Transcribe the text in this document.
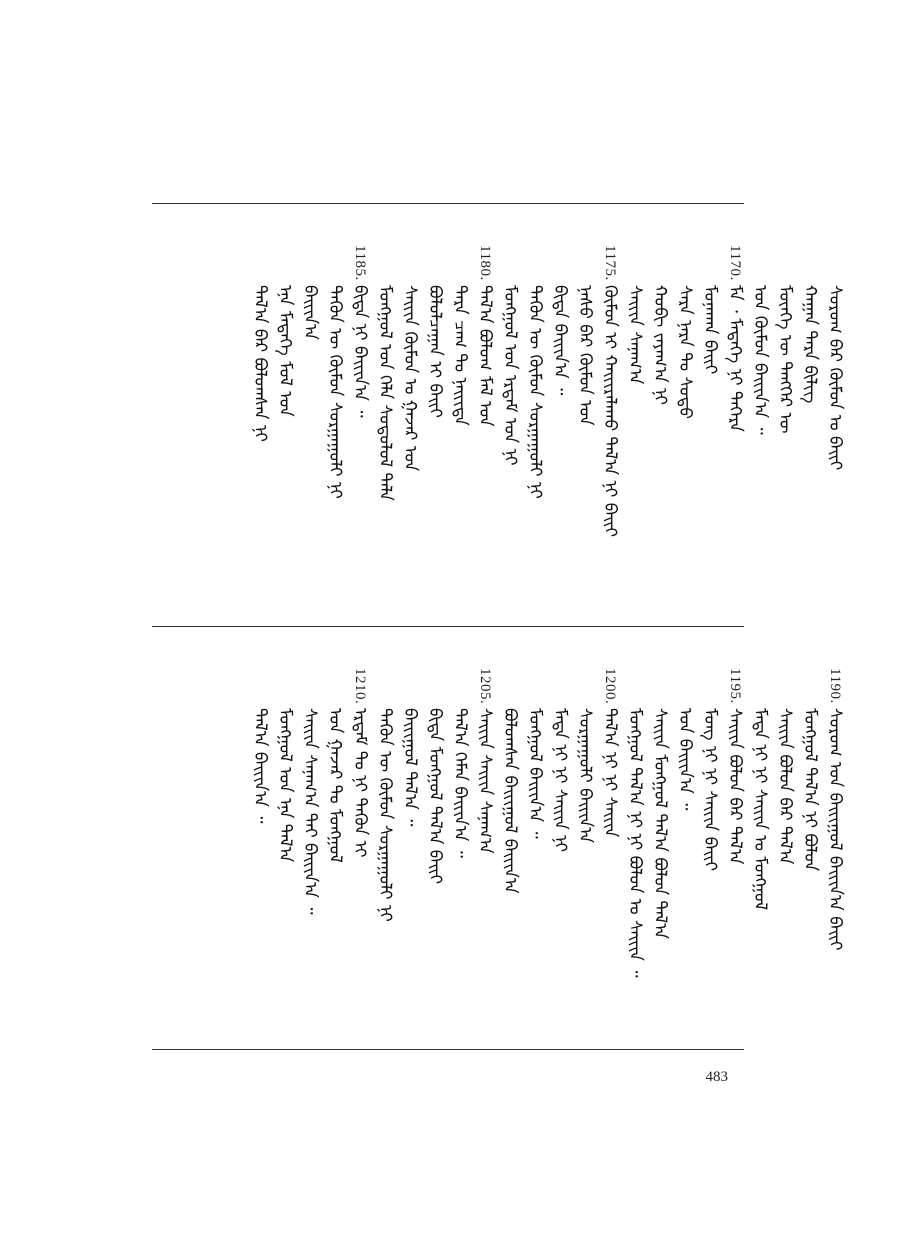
ᠲᠠᠯ᠎ᠠ ᠪᠡᠷ ᠪᠤᠯᠤᠭᠰᠠᠨ ᠨᠢ ᠡᠨᠡ ᠮᠡᠳᠡᠭᠡ ᠮᠤᠯ ᠤᠨ ᠪᠠᠢᠢᠨ᠎ᠠ ᠲᠡᠭᠦᠨ ᠦ ᠬᠦᠮᠦᠨ ᠰᠤᠷᠭᠠᠭᠤᠯᠢ ᠨᠢ
1185.
ᠪᠢᠳᠡ ᠨᠢ ᠪᠠᠢᠢᠨ᠎ᠠ ᠃ ᠮᠤᠩᠭᠤᠯ ᠤᠨ ᠬᠡᠯᠡ ᠰᠤᠳᠤᠯᠤᠯ ᠲᠠᠯᠠ ᠰᠠᠢᠢᠨ ᠬᠦᠮᠦᠨ ᠤ ᠭᠠᠵᠠᠷ ᠤᠨ ᠪᠤᠯᠤᠯᠴᠠᠭᠠᠨ ᠢ ᠪᠠᠢᠢ ᠲᠡᠷᠡ ᠴᠠᠭ ᠲᠤ ᠨᠡᠢᠢᠲᠡ
1180.
ᠲᠠᠯ᠎ᠠ ᠪᠤᠯᠤᠭ ᠮᠠᠯ ᠤᠨ ᠮᠤᠩᠭᠤᠯ ᠤᠨ ᠡᠷᠳᠡᠮ ᠤᠨ ᠨᠢ ᠲᠡᠭᠦᠨ ᠦ ᠬᠦᠮᠦᠨ ᠰᠤᠷᠭᠠᠭᠤᠯᠢ ᠨᠢ ᠪᠢᠳᠡ ᠪᠠᠢᠢᠨ᠎ᠠ ᠃ ᠨᠠᠰᠤ ᠪᠠᠷ ᠬᠦᠮᠦᠨ ᠤᠨ
1175.
ᠬᠦᠮᠦᠨ ᠢ ᠬᠠᠢᠢᠷᠠᠯᠠᠬᠤ ᠲᠠᠯ᠎ᠠ ᠨᠢ ᠪᠠᠢᠢ ᠰᠠᠢᠢᠨ ᠰᠠᠨᠠᠭ᠎ᠠ ᠬᠤᠪᠢ ᠵᠠᠶᠠᠭ᠎ᠠ ᠨᠢ ᠰᠠᠷᠠ ᠨᠠᠷᠠ ᠲᠤ ᠰᠤᠳᠤ ᠮᠤᠨᠠᠬᠠᠨ ᠪᠠᠢᠢ
1170.
ᠮᠡ ᠂ ᠮᠡᠳᠡᠭᠡ ᠨᠢ ᠲᠡᠭᠡᠷᠡ ᠤᠨ ᠬᠦᠮᠦᠨ ᠪᠠᠢᠢᠨ᠎ᠠ ᠃ ᠮᠦᠨᠬᠡ ᠦ ᠲᠡᠩᠭᠡᠷ ᠦ ᠬᠠᠭᠠᠨ ᠲᠡᠷᠡ ᠪᠢᠯᠢᠭ ᠰᠤᠷᠤᠭ ᠪᠠᠷ ᠬᠦᠮᠦᠨ ᠤ ᠪᠠᠢᠢ
ᠲᠠᠯ᠎ᠠ ᠪᠠᠢᠢᠨ᠎ᠠ ᠃ ᠮᠤᠩᠭᠤᠯ ᠤᠨ ᠡᠨᠡ ᠲᠠᠯ᠎ᠠ ᠰᠠᠢᠢᠨ ᠰᠠᠨᠠᠭ᠎ᠠ ᠲᠠᠢ ᠪᠠᠢᠢᠨ᠎ᠠ ᠃ ᠤᠨ ᠭᠠᠵᠠᠷ ᠲᠤ ᠮᠤᠩᠭᠤᠯ
1210.
ᠡᠷᠳᠡᠮ ᠲᠤ ᠨᠢ ᠲᠡᠭᠦᠨ ᠢ ᠲᠡᠭᠦᠨ ᠦ ᠬᠦᠮᠦᠨ ᠰᠤᠷᠭᠠᠭᠤᠯᠢ ᠨᠢ ᠪᠠᠢᠢᠭᠤᠯ ᠲᠠᠯ᠎ᠠ ᠃ ᠪᠢᠳᠡ ᠮᠤᠩᠭᠤᠯ ᠲᠠᠯ᠎ᠠ ᠪᠠᠢᠢ ᠲᠠᠯ᠎ᠠ ᠬᠡᠮᠡᠨ ᠪᠠᠢᠢᠨ᠎ᠠ ᠃
1205.
ᠰᠠᠢᠢᠨ ᠰᠠᠢᠢᠨ ᠰᠠᠨᠠᠭ᠎ᠠ ᠪᠤᠯᠤᠭᠰᠠᠨ ᠪᠠᠢᠢᠭᠤᠯ ᠪᠠᠢᠢᠨ᠎ᠠ ᠮᠤᠩᠭᠤᠯ ᠪᠠᠢᠢᠨ᠎ᠠ ᠃ ᠮᠡᠳᠡ ᠨᠢ ᠨᠢ ᠰᠠᠢᠢᠨ ᠨᠢ ᠰᠤᠷᠭᠠᠭᠤᠯᠢ ᠪᠠᠢᠢᠨ᠎ᠠ
1200.
ᠲᠠᠯ᠎ᠠ ᠨᠢ ᠨᠢ ᠰᠠᠢᠢᠨ ᠮᠤᠩᠭᠤᠯ ᠲᠠᠯ᠎ᠠ ᠨᠢ ᠨᠢ ᠪᠤᠯᠤᠨ ᠤ ᠰᠠᠢᠢᠨ ᠃ ᠰᠠᠢᠢᠨ ᠮᠤᠩᠭᠤᠯ ᠲᠠᠯ᠎ᠠ ᠪᠤᠯᠤᠨ ᠲᠠᠯ᠎ᠠ ᠤᠨ ᠪᠠᠢᠢᠨ᠎ᠠ ᠃ ᠮᠤᠩ ᠨᠢ ᠨᠢ ᠰᠠᠢᠢᠨ ᠪᠠᠢᠢ
1195.
ᠰᠠᠢᠢᠨ ᠪᠤᠯᠤᠨ ᠪᠠᠷ ᠲᠠᠯ᠎ᠠ ᠮᠡᠳᠡ ᠨᠢ ᠨᠢ ᠰᠠᠢᠢᠨ ᠤ ᠮᠤᠩᠭᠤᠯ ᠰᠠᠢᠢᠨ ᠪᠤᠯᠤᠨ ᠪᠠᠷ ᠲᠠᠯ᠎ᠠ ᠮᠤᠩᠭᠤᠯ ᠲᠠᠯ᠎ᠠ ᠨᠢ ᠪᠤᠯᠤᠨ
1190.
ᠰᠤᠷᠤᠭ ᠤᠨ ᠪᠠᠢᠢᠭᠤᠯ ᠪᠠᠢᠢᠨ᠎ᠠ ᠪᠠᠢᠢ
483
